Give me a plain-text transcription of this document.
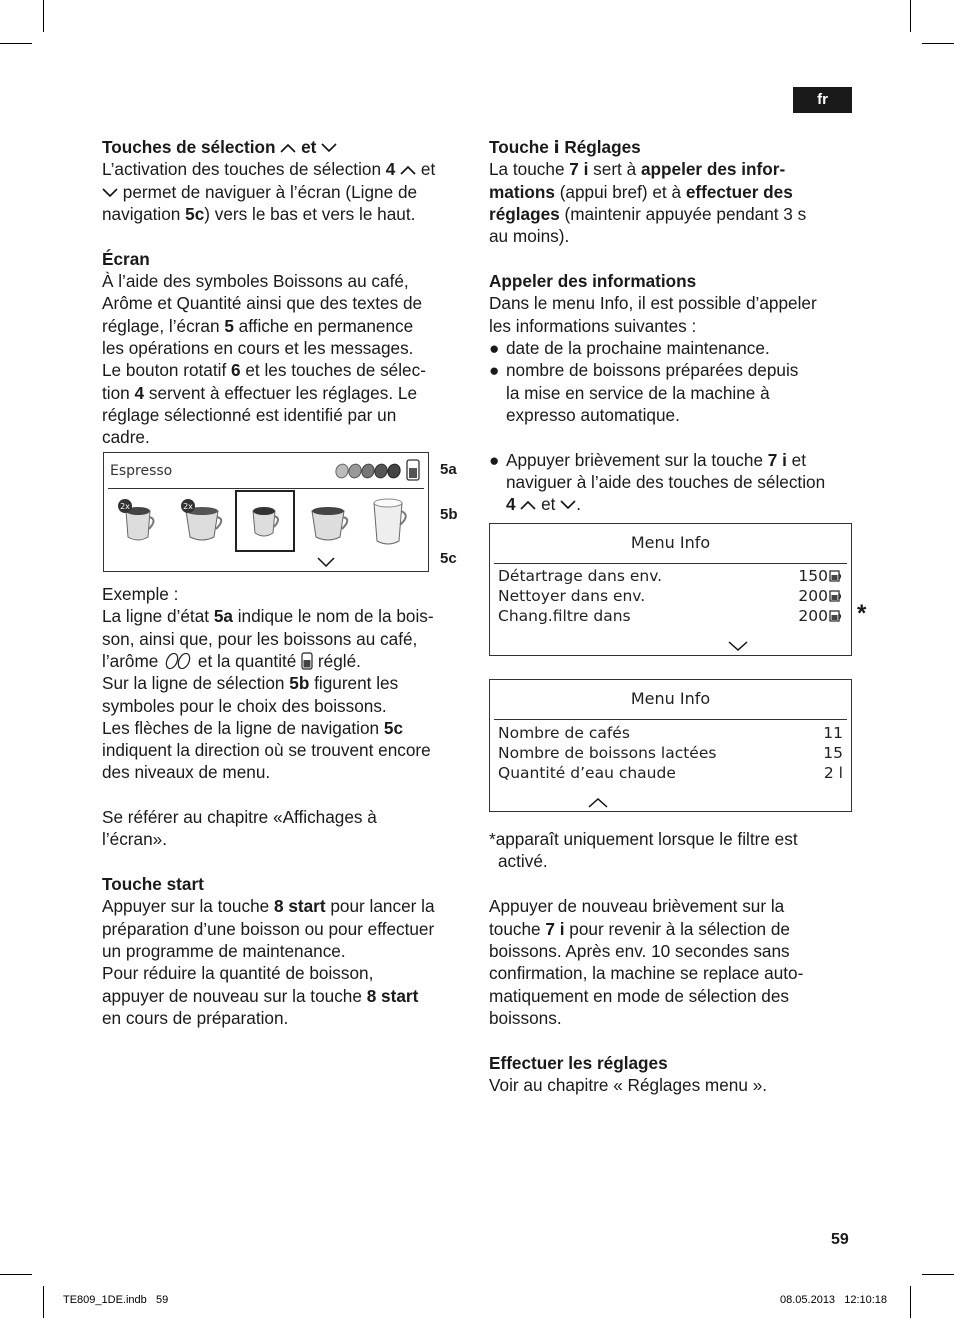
fr

Touches de sélection et

L’activation des touches de sélection 4 et

permet de naviguer à l’écran (Ligne de

navigation 5c) vers le bas et vers le haut.

Écran

À l’aide des symboles Boissons au café,

Arôme et Quantité ainsi que des textes de

réglage, l’écran 5 affiche en permanence

les opérations en cours et les messages.

Le bouton rotatif 6 et les touches de sélec-

tion 4 servent à effectuer les réglages. Le

réglage sélectionné est identifié par un

cadre.

Espresso
2x	2x
5a
5b
5c

Exemple :

La ligne d’état 5a indique le nom de la bois-

son, ainsi que, pour les boissons au café,

l’arôme et la quantité réglé.

Sur la ligne de sélection 5b figurent les

symboles pour le choix des boissons.

Les flèches de la ligne de navigation 5c

indiquent la direction où se trouvent encore

des niveaux de menu.

Se référer au chapitre «Affichages à

l’écran».

Touche start

Appuyer sur la touche 8 start pour lancer la

préparation d’une boisson ou pour effectuer

un programme de maintenance.

Pour réduire la quantité de boisson,

appuyer de nouveau sur la touche 8 start

en cours de préparation.

Touche i Réglages

La touche 7 i sert à appeler des infor-

mations (appui bref) et à effectuer des

réglages (maintenir appuyée pendant 3 s

au moins).

Appeler des informations

Dans le menu Info, il est possible d’appeler

les informations suivantes :

● date de la prochaine maintenance.

● nombre de boissons préparées depuis

la mise en service de la machine à

expresso automatique.

● Appuyer brièvement sur la touche 7 i et

naviguer à l’aide des touches de sélection

4 et .

Menu Info
Détartrage dans env.	150
Nettoyer dans env.	200
Chang.filtre dans	200	*
Menu Info
Nombre de cafés	11
Nombre de boissons lactées	15
Quantité d’eau chaude	2 l

*apparaît uniquement lorsque le filtre est

activé.

Appuyer de nouveau brièvement sur la

touche 7 i pour revenir à la sélection de

boissons. Après env. 10 secondes sans

confirmation, la machine se replace auto-

matiquement en mode de sélection des

boissons.

Effectuer les réglages

Voir au chapitre « Réglages menu ».

59
TE809_1DE.indb   59	08.05.2013   12:10:18
